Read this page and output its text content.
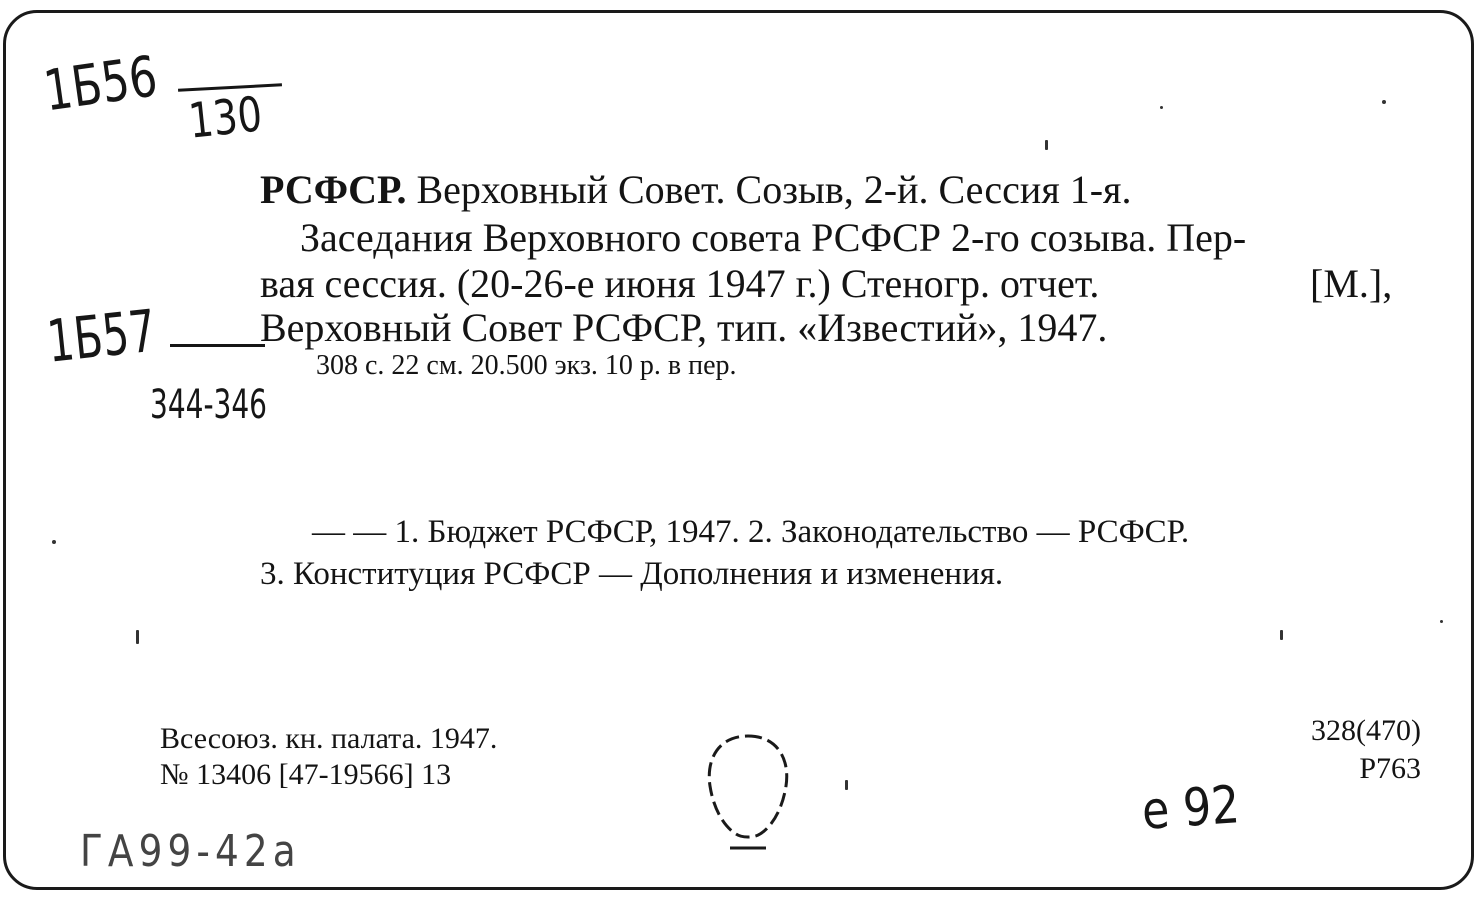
1Б56 130
1Б57
344-346
РСФСР. Верховный Совет. Созыв, 2-й. Сессия 1-я.
Заседания Верховного совета РСФСР 2-го созыва. Пер-
вая сессия. (20-26-е июня 1947 г.) Стеногр. отчет.	[M.],
Верховный Совет РСФСР, тип. «Известий», 1947.
308 с. 22 см. 20.500 экз. 10 р. в пер.
— — 1. Бюджет РСФСР, 1947. 2. Законодательство — РСФСР.
3. Конституция РСФСР — Дополнения и изменения.
Всесоюз. кн. палата. 1947.
№ 13406 [47-19566] 13
328(470)
Р763
е 92
ГА99-42а
